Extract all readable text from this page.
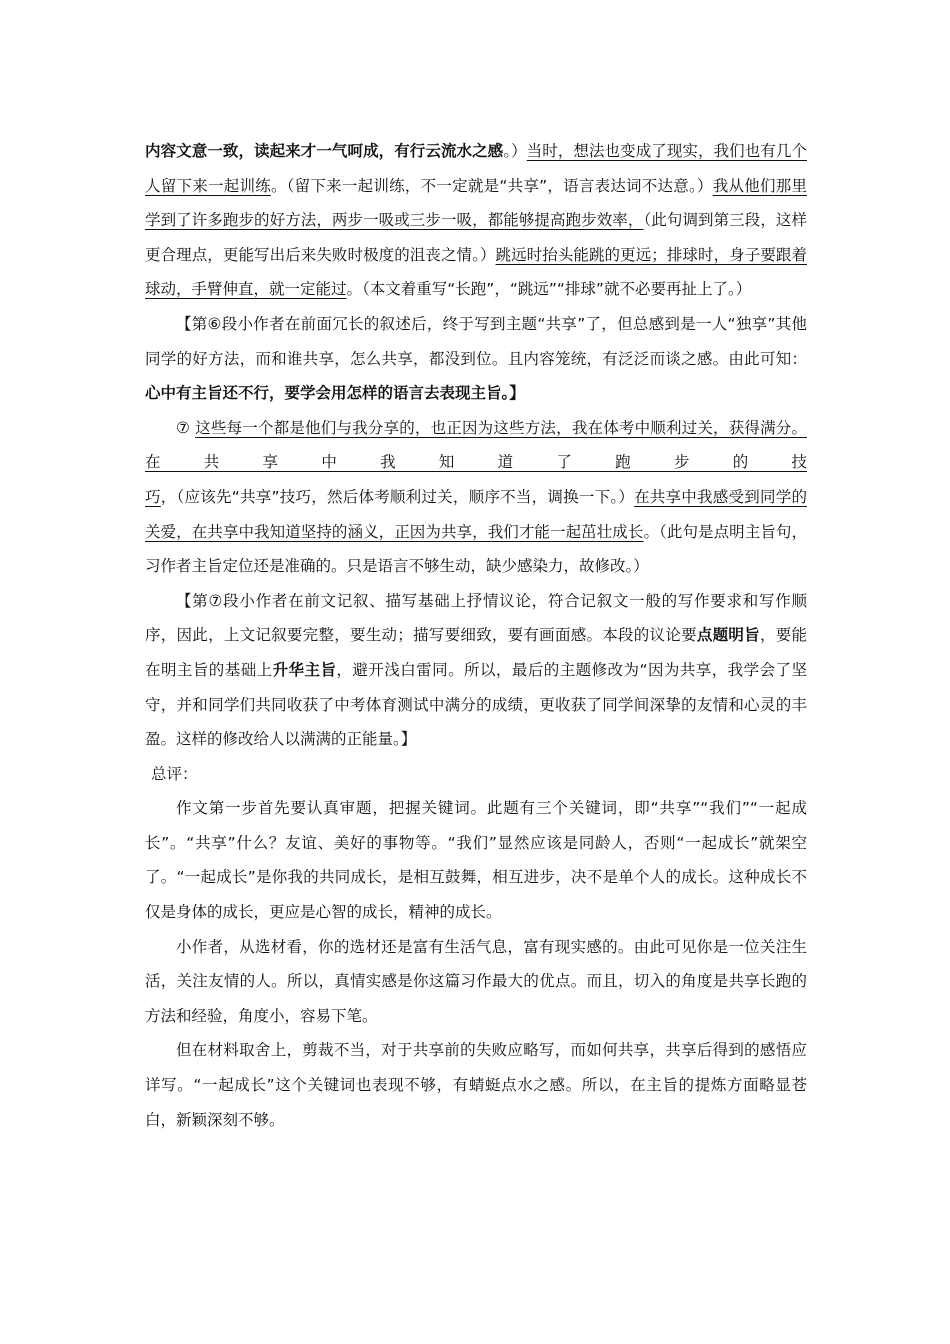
内容文意一致，读起来才一气呵成，有行云流水之感。）当时，想法也变成了现实，我们也有几个人留下来一起训练。（留下来一起训练，不一定就是“共享”，语言表达词不达意。）我从他们那里学到了许多跑步的好方法，两步一吸或三步一吸，都能够提高跑步效率，（此句调到第三段，这样更合理点，更能写出后来失败时极度的沮丧之情。）跳远时抬头能跳的更远；排球时，身子要跟着球动，手臂伸直，就一定能过。（本文着重写“长跑”，“跳远”“排球”就不必要再扯上了。）

【第⑥段小作者在前面冗长的叙述后，终于写到主题“共享”了，但总感到是一人“独享”其他同学的好方法，而和谁共享，怎么共享，都没到位。且内容笼统，有泛泛而谈之感。由此可知：心中有主旨还不行，要学会用怎样的语言去表现主旨。】

⑦ 这些每一个都是他们与我分享的，也正因为这些方法，我在体考中顺利过关，获得满分。在共享中我知道了跑步的技巧，（应该先“共享”技巧，然后体考顺利过关，顺序不当，调换一下。）在共享中我感受到同学的关爱，在共享中我知道坚持的涵义，正因为共享，我们才能一起茁壮成长。（此句是点明主旨句，习作者主旨定位还是准确的。只是语言不够生动，缺少感染力，故修改。）

【第⑦段小作者在前文记叙、描写基础上抒情议论，符合记叙文一般的写作要求和写作顺序，因此，上文记叙要完整，要生动；描写要细致，要有画面感。本段的议论要点题明旨，要能在明主旨的基础上升华主旨，避开浅白雷同。所以，最后的主题修改为“因为共享，我学会了坚守，并和同学们共同收获了中考体育测试中满分的成绩，更收获了同学间深挚的友情和心灵的丰盈。这样的修改给人以满满的正能量。】

总评：

作文第一步首先要认真审题，把握关键词。此题有三个关键词，即“共享”“我们”“一起成长”。“共享”什么？友谊、美好的事物等。“我们”显然应该是同龄人，否则“一起成长”就架空了。“一起成长”是你我的共同成长，是相互鼓舞，相互进步，决不是单个人的成长。这种成长不仅是身体的成长，更应是心智的成长，精神的成长。

小作者，从选材看，你的选材还是富有生活气息，富有现实感的。由此可见你是一位关注生活，关注友情的人。所以，真情实感是你这篇习作最大的优点。而且，切入的角度是共享长跑的方法和经验，角度小，容易下笔。

但在材料取舍上，剪裁不当，对于共享前的失败应略写，而如何共享，共享后得到的感悟应详写。“一起成长”这个关键词也表现不够，有蜻蜓点水之感。所以，在主旨的提炼方面略显苍白，新颖深刻不够。
